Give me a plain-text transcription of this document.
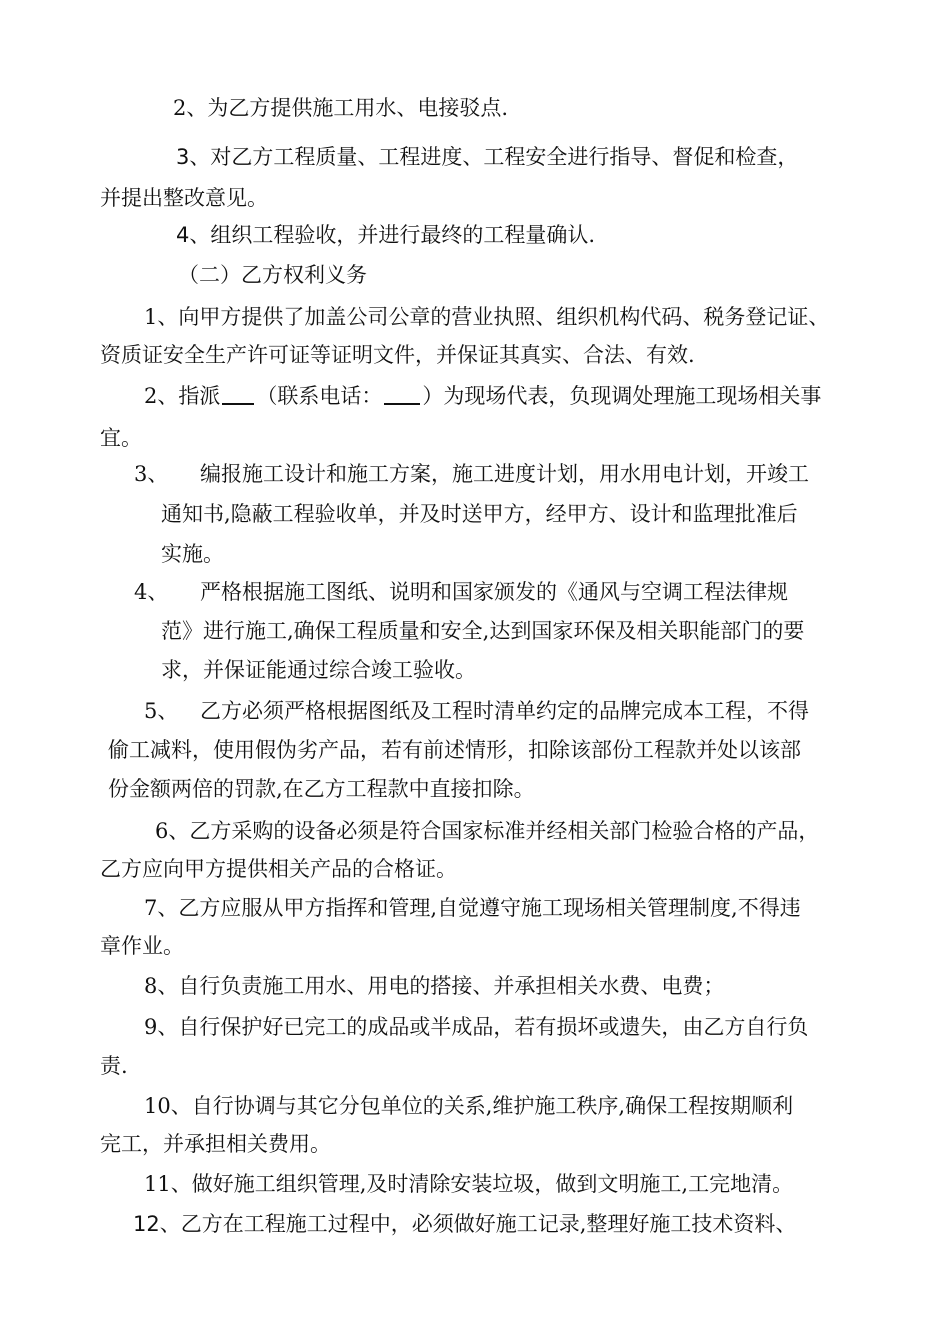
2、为乙方提供施工用水、电接驳点.
3、对乙方工程质量、工程进度、工程安全进行指导、督促和检查，
并提出整改意见。
4、组织工程验收，并进行最终的工程量确认.
（二）乙方权利义务
1、向甲方提供了加盖公司公章的营业执照、组织机构代码、税务登记证、
资质证安全生产许可证等证明文件，并保证其真实、合法、有效.
2、指派 （联系电话： ）为现场代表，负现调处理施工现场相关事
宜。
3、 编报施工设计和施工方案，施工进度计划，用水用电计划，开竣工
通知书,隐蔽工程验收单，并及时送甲方，经甲方、设计和监理批准后
实施。
4、 严格根据施工图纸、说明和国家颁发的《通风与空调工程法律规
范》进行施工,确保工程质量和安全,达到国家环保及相关职能部门的要
求，并保证能通过综合竣工验收。
5、 乙方必须严格根据图纸及工程时清单约定的品牌完成本工程，不得
偷工减料，使用假伪劣产品，若有前述情形，扣除该部份工程款并处以该部
份金额两倍的罚款,在乙方工程款中直接扣除。
6、乙方采购的设备必须是符合国家标准并经相关部门检验合格的产品，
乙方应向甲方提供相关产品的合格证。
7、乙方应服从甲方指挥和管理,自觉遵守施工现场相关管理制度,不得违
章作业。
8、自行负责施工用水、用电的搭接、并承担相关水费、电费；
9、自行保护好已完工的成品或半成品，若有损坏或遗失，由乙方自行负
责.
10、自行协调与其它分包单位的关系,维护施工秩序,确保工程按期顺利
完工，并承担相关费用。
11、做好施工组织管理,及时清除安装垃圾，做到文明施工,工完地清。
12、乙方在工程施工过程中，必须做好施工记录,整理好施工技术资料、
